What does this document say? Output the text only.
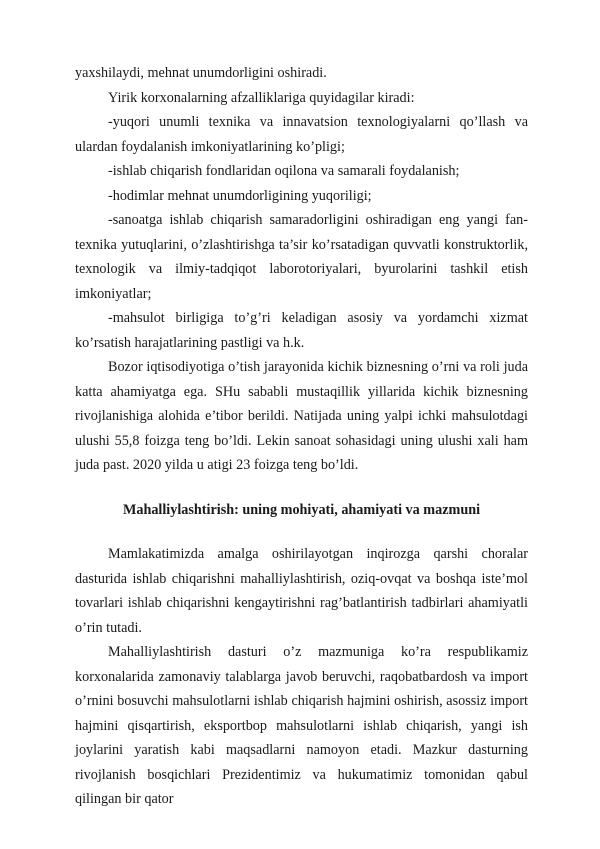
yaxshilaydi, mehnat unumdorligini oshiradi.

Yirik korxonalarning afzalliklariga quyidagilar kiradi:

-yuqori unumli texnika va innavatsion texnologiyalarni qo’llash va ulardan foydalanish imkoniyatlarining ko’pligi;

-ishlab chiqarish fondlaridan oqilona va samarali foydalanish;

-hodimlar mehnat unumdorligining yuqoriligi;

-sanoatga ishlab chiqarish samaradorligini oshiradigan eng yangi fan-texnika yutuqlarini, o’zlashtirishga ta’sir ko’rsatadigan quvvatli konstruktorlik, texnologik va ilmiy-tadqiqot laborotoriyalari, byurolarini tashkil etish imkoniyatlar;

-mahsulot birligiga to’g’ri keladigan asosiy va yordamchi xizmat ko’rsatish harajatlarining pastligi va h.k.

Bozor iqtisodiyotiga o’tish jarayonida kichik biznesning o’rni va roli juda katta ahamiyatga ega. SHu sababli mustaqillik yillarida kichik biznesning rivojlanishiga alohida e’tibor berildi. Natijada uning yalpi ichki mahsulotdagi ulushi 55,8 foizga teng bo’ldi. Lekin sanoat sohasidagi uning ulushi xali ham juda past. 2020 yilda u atigi 23 foizga teng bo’ldi.

Mahalliylashtirish: uning mohiyati, ahamiyati va mazmuni

Mamlakatimizda amalga oshirilayotgan inqirozga qarshi choralar dasturida ishlab chiqarishni mahalliylashtirish, oziq-ovqat va boshqa iste’mol tovarlari ishlab chiqarishni kengaytirishni rag’batlantirish tadbirlari ahamiyatli o’rin tutadi.

Mahalliylashtirish dasturi o’z mazmuniga ko’ra respublikamiz korxonalarida zamonaviy talablarga javob beruvchi, raqobatbardosh va import o’rnini bosuvchi mahsulotlarni ishlab chiqarish hajmini oshirish, asossiz import hajmini qisqartirish, eksportbop mahsulotlarni ishlab chiqarish, yangi ish joylarini yaratish kabi maqsadlarni namoyon etadi. Mazkur dasturning rivojlanish bosqichlari Prezidentimiz va hukumatimiz tomonidan qabul qilingan bir qator
